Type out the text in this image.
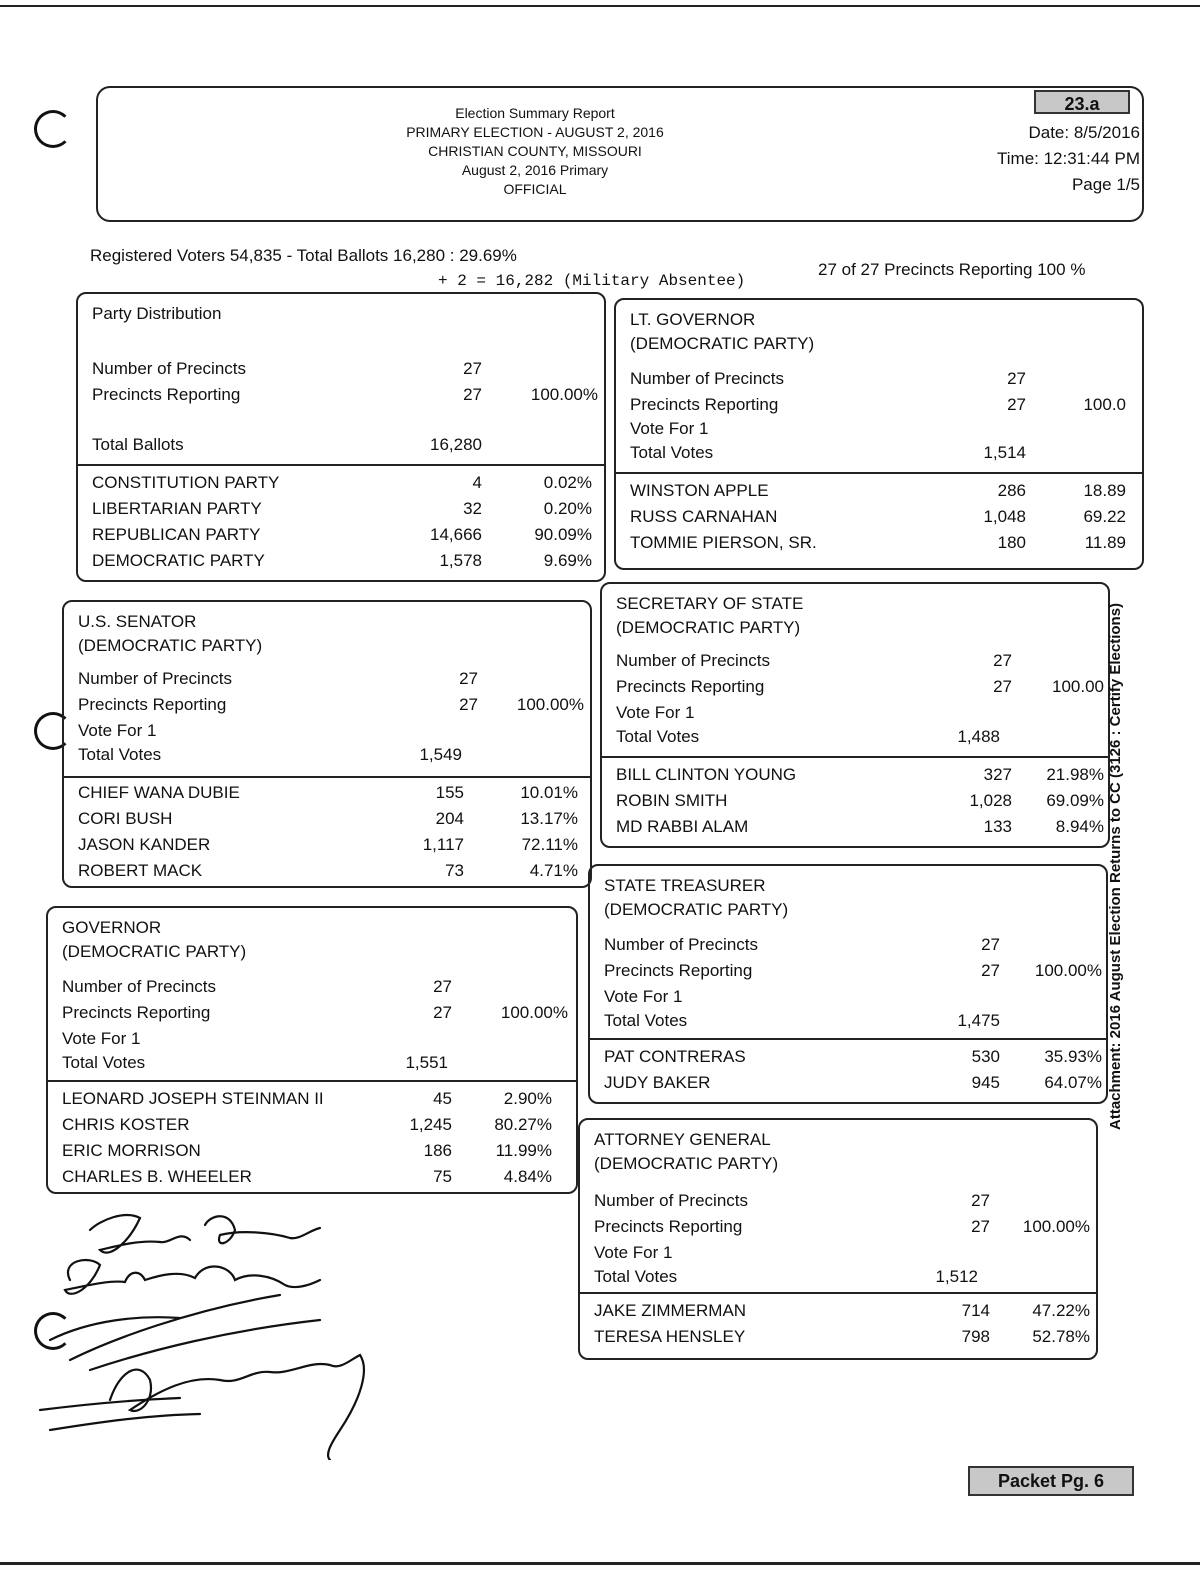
Election Summary Report
PRIMARY ELECTION - AUGUST 2, 2016
CHRISTIAN COUNTY, MISSOURI
August 2, 2016 Primary
OFFICIAL
Date: 8/5/2016
Time: 12:31:44 PM
Page 1/5
23.a
Registered Voters 54,835 - Total Ballots 16,280 : 29.69%
+ 2 = 16,282 (Military Absentee)
27 of 27 Precincts Reporting 100 %
Party Distribution
Number of Precincts	27
Precincts Reporting	27	100.00%
Total Ballots	16,280
CONSTITUTION PARTY	4	0.02%
LIBERTARIAN PARTY	32	0.20%
REPUBLICAN PARTY	14,666	90.09%
DEMOCRATIC PARTY	1,578	9.69%
U.S. SENATOR
(DEMOCRATIC PARTY)
Number of Precincts	27
Precincts Reporting	27	100.00%
Vote For 1
Total Votes	1,549
CHIEF WANA DUBIE	155	10.01%
CORI BUSH	204	13.17%
JASON KANDER	1,117	72.11%
ROBERT MACK	73	4.71%
GOVERNOR
(DEMOCRATIC PARTY)
Number of Precincts	27
Precincts Reporting	27	100.00%
Vote For 1
Total Votes	1,551
LEONARD JOSEPH STEINMAN II	45	2.90%
CHRIS KOSTER	1,245	80.27%
ERIC MORRISON	186	11.99%
CHARLES B. WHEELER	75	4.84%
LT. GOVERNOR
(DEMOCRATIC PARTY)
Number of Precincts	27
Precincts Reporting	27	100.0
Vote For 1
Total Votes	1,514
WINSTON APPLE	286	18.89
RUSS CARNAHAN	1,048	69.22
TOMMIE PIERSON, SR.	180	11.89
SECRETARY OF STATE
(DEMOCRATIC PARTY)
Number of Precincts	27
Precincts Reporting	27	100.00
Vote For 1
Total Votes	1,488
BILL CLINTON YOUNG	327	21.98%
ROBIN SMITH	1,028	69.09%
MD RABBI ALAM	133	8.94%
STATE TREASURER
(DEMOCRATIC PARTY)
Number of Precincts	27
Precincts Reporting	27	100.00%
Vote For 1
Total Votes	1,475
PAT CONTRERAS	530	35.93%
JUDY BAKER	945	64.07%
ATTORNEY GENERAL
(DEMOCRATIC PARTY)
Number of Precincts	27
Precincts Reporting	27	100.00%
Vote For 1
Total Votes	1,512
JAKE ZIMMERMAN	714	47.22%
TERESA HENSLEY	798	52.78%
Attachment: 2016 August Election Returns to CC (3126 : Certify Elections)
Packet Pg. 6
